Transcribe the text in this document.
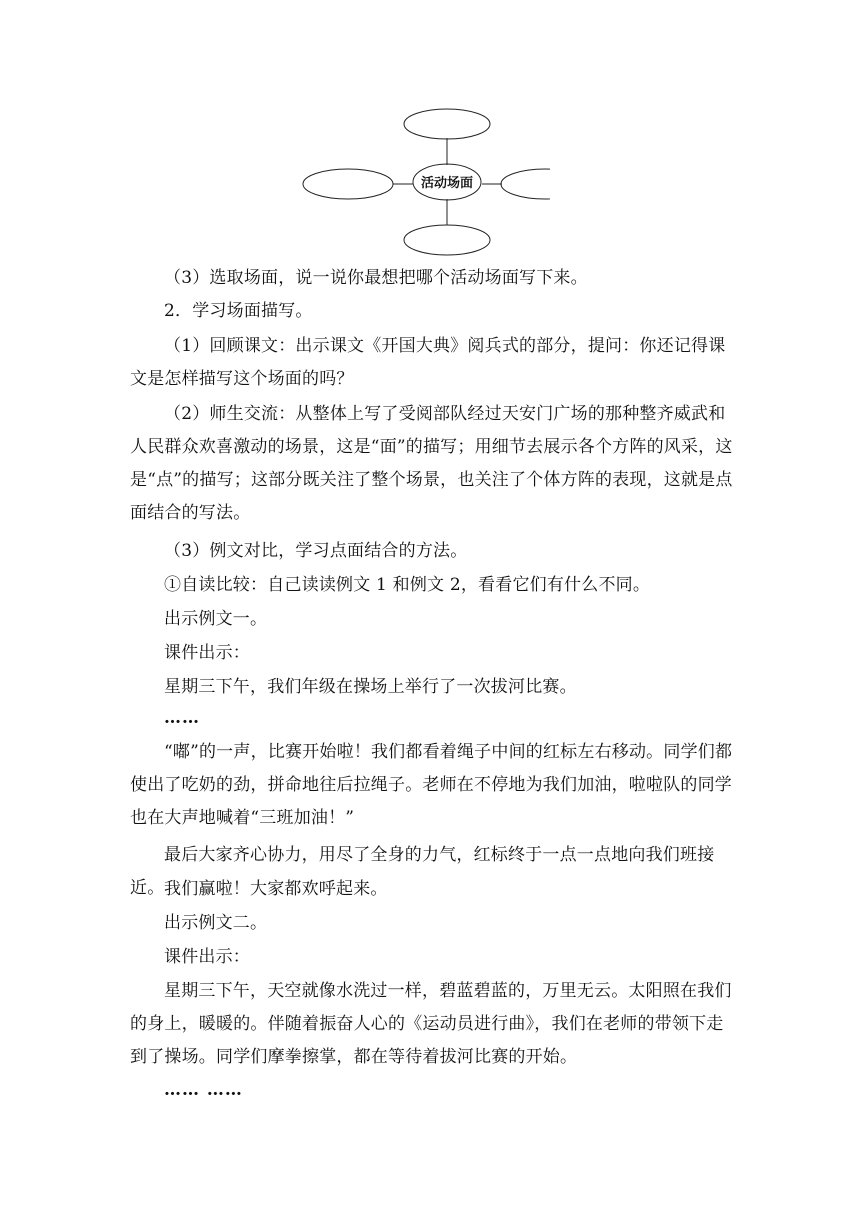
活动场面

（3）选取场面，说一说你最想把哪个活动场面写下来。

2．学习场面描写。

（1）回顾课文：出示课文《开国大典》阅兵式的部分，提问：你还记得课文是怎样描写这个场面的吗？

（2）师生交流：从整体上写了受阅部队经过天安门广场的那种整齐威武和人民群众欢喜激动的场景，这是“面”的描写；用细节去展示各个方阵的风采，这是“点”的描写；这部分既关注了整个场景，也关注了个体方阵的表现，这就是点面结合的写法。

（3）例文对比，学习点面结合的方法。

①自读比较：自己读读例文 1 和例文 2，看看它们有什么不同。

出示例文一。

课件出示：

星期三下午，我们年级在操场上举行了一次拔河比赛。

……

“嘟”的一声，比赛开始啦！我们都看着绳子中间的红标左右移动。同学们都使出了吃奶的劲，拼命地往后拉绳子。老师在不停地为我们加油，啦啦队的同学也在大声地喊着“三班加油！”

最后大家齐心协力，用尽了全身的力气，红标终于一点一点地向我们班接近。 我们赢啦！大家都欢呼起来。

出示例文二。

课件出示：

星期三下午，天空就像水洗过一样，碧蓝碧蓝的，万里无云。太阳照在我们的身上，暖暖的。伴随着振奋人心的《运动员进行曲》，我们在老师的带领下走到了操场。同学们摩拳擦掌，都在等待着拔河比赛的开始。

…… ……
